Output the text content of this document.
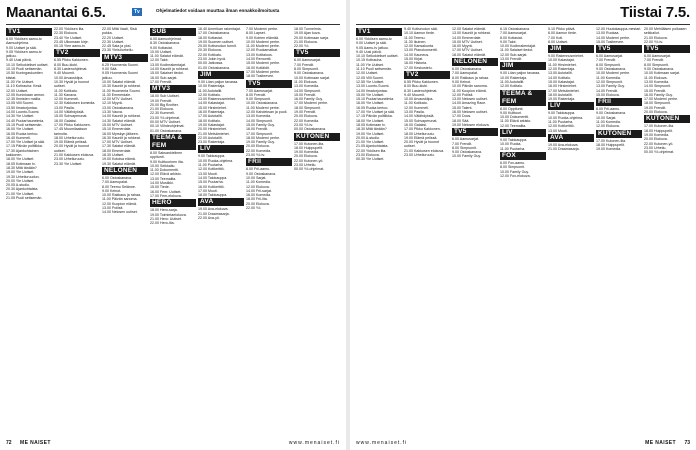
Maanantai 6.5.	Tv	Ohjelmatiedot voidaan muuttaa ilman ennakkoilmoitusta
TV1
6.00 Ykkösen aamu-tv. Aamuohjelma.
9.00 Uutiset ja sää.
9.05 Ykkösen aamu-tv jatkuu.
9.40 Uusi päivä.
10.10 Selkokieliset uutiset.
10.15 Puoli seitsemän.
10.50 Kuningaskuntien kiistat.
11.00 Yle Uutiset.
11.10 Kotirauha: Kesä.
12.00 Uutiset.
12.05 Kuninkaan armon.
12.35 Ihmisten mailla.
13.05 Villi Suomi.
13.50 Ilmatorjuntaa.
14.00 Luonto-Suomi.
14.30 Yle Uutiset.
14.40 Puutarhaunelmia.
15.15 Puoli seitsemän.
16.00 Yle Uutiset.
16.05 Ruoka kertoo.
16.40 Kummeli.
17.00 Yle Uutiset ja sää.
17.15 Päivän politiikka.
17.30 Ajankohtainen kakkonen.
18.00 Yle Uutiset.
18.05 Kotimaan tv.
18.30 Mitä tänään?
19.00 Yle Uutiset.
19.30 Urheiluruudun.
20.00 Yle Uutiset.
20.05 A-studio.
20.30 Ajankohtaista.
21.00 Yle Uutiset.
21.05 Puoli seitsemän.
22.00 Ykkösen ilta.
22.30 Elokuva.
23.40 Yle Uutiset.
23.45 Ulkomaan kirje.
00.15 Ylen aamu-tv.
TV2
6.55 Pikku Kakkonen.
8.00 Buu-klubi.
8.30 Lastenohjelmat.
9.40 Muumit.
10.00 Arvauskilpa.
10.30 Hyvät ja huonot uutiset.
11.00 Kotikatu.
11.30 Kanava.
12.00 Kummeli.
12.30 Kakkosen komedia.
13.00 Pasila.
14.00 Välähdyksiä.
15.00 Sohvaperunat.
16.00 Galaksi.
17.00 Pikku Kakkonen.
17.45 Muumilaakson tarinoita.
18.00 Urheiluruutu.
19.00 Elämä pelissä.
20.00 Hyvät ja huonot uutiset.
21.00 Kakkosen elokuva.
23.00 Urheiluruutu.
23.30 Yle Uutiset.
22.00 Mitä Vaati, Sisä pokka.
22.20 Uutiset.
22.30 Uutiset.
22.45 Sata ja yksi.
23.30 Yleisöurheilu.
MTV3
6.25 Huomenta Suomi.
9.00 Sää.
9.05 Huomenta Suomi jatkuu.
10.00 Salatut elämät.
10.30 Kauniit ja rohkeat.
11.00 Huomenta Suomi.
11.30 Emmerdale.
12.00 MTV Uutiset.
12.10 Myyrä.
13.00 Ostoskanava.
13.30 Vauva.
14.00 Kauniit ja rohkeat.
14.30 Salatut elämät.
15.00 MTV Uutiset.
15.10 Emmerdale.
16.00 Myrskyn jälkeen.
16.30 Kauniit ja rohkeat.
17.00 MTV Uutiset.
17.30 Salatut elämät.
18.00 Emmerdale.
18.30 Uutiset.
19.00 Kotoisa elämä.
19.30 Salatut elämät.
NELONEN
6.00 Ostoskanava.
7.00 Aamupalat.
8.00 Teemu Selänne.
9.00 Keinot.
10.00 Rakkaus ja rahaa.
11.00 Päivän sanoma.
12.00 Kuopion elämä.
13.00 Poliisit.
14.00 Nelosen uutiset.
SUB
6.00 Aamuohjelmat.
8.30 Ostoskanava.
9.00 Kotiasiat.
10.00 Uutiset.
11.00 Salatut elämät.
12.00 Talot.
13.00 Kodinrakentajat.
14.00 Kauniit ja rohkeat.
15.00 Salaiset tiedot.
16.00 Sub-sarjat.
17.00 Frendit.
MTV3
18.00 Sub Uutiset.
19.00 Frendit.
20.00 Big Brother.
21.00 Elokuva.
22.30 Kummeli.
23.00 Yö-ohjelmat.
00.00 MTV Uutiset.
00.10 Viihdeohjelmat.
01.00 Ostoskanava.
TEEMA & FEM
8.00 Saksankielinen oppitunti.
9.00 Kulttuurinen ilta.
10.00 Seikkailu.
11.00 Dokumentti.
12.00 Elävä arkisto.
13.00 Teemailta.
14.00 Musiikki.
15.00 Tiede.
16.00 Fem: Uutiset.
17.00 Fem-elokuva.
HERO
18.00 Hero-sarja.
19.00 Toimintaelokuva.
21.00 Hero: Uutiset.
22.00 Hero-ilta.
16.40 Amerikan rakentajat.
17.00 Ostoskanava.
18.00 Kotiasiat.
19.00 Suomen uutiset.
20.00 Kotiseudun tunnit.
20.30 Elokuva.
22.00 Kotikatu.
23.00 Jokin hyvä.
00.00 Jatkossa.
01.00 Ostoskanava.
JIM
9.00 Liian paljon tavaraa.
10.00 Rakentaja.
11.00 Autotallit.
12.00 Kotitalo.
13.00 Rakennusmiehet.
14.00 Kalastajat.
15.00 Hirsimiehet.
16.00 Rakentaja.
17.00 Autotallit.
18.00 Kotitalo.
19.00 Kalastajat.
20.00 Hirsimiehet.
21.00 Metsämiehet.
22.00 Autotallit.
23.00 Rakentaja.
LIV
9.00 Talokauppa.
10.00 Ruoka-ohjelma.
11.00 Puutarha.
12.00 Kotikeittiö.
13.00 Muoti.
14.00 Talokauppa.
15.00 Puutarha.
16.00 Kotikeittiö.
17.00 Muoti.
18.00 Talokauppa.
AVA
19.00 Ava-elokuva.
21.00 Draamasarja.
22.00 Ava-yö.
7.00 Moderni perhe.
8.00 Lapset.
9.00 Koirien elämää.
10.00 Moderni perhe.
11.00 Moderni perhe.
12.00 Ruokamatkat.
13.00 Kotitalous.
14.00 Remontti.
15.00 Moderni perhe.
16.00 Kotiäidit.
17.00 Moderni perhe.
18.00 Tositeevee.
TV5
7.00 Aamusarjat.
8.00 Frendit.
9.00 Simpsonit.
10.00 Ostoskanava.
11.00 Moderni perhe.
12.00 Kahdeksan ja puoli.
13.00 Komedia.
14.00 Simpsonit.
15.00 Family Guy.
16.00 Frendit.
17.00 Simpsonit.
18.00 Moderni perhe.
19.00 Family Guy.
20.00 Elokuva.
22.00 Komedia.
23.00 Yö-tv.
FRII
8.00 Frii-aamu.
9.00 Ostoskanava.
10.00 Sarjat.
11.00 Komedia.
12.00 Elokuva.
14.00 Frii-sarjat.
16.00 Komedia.
18.00 Frii-ilta.
20.00 Elokuva.
22.00 Yö.
18.00 Tunnelmia.
19.00 Ajan kuva.
20.00 Kotimaan sarja.
21.00 Elokuva.
22.00 Yö.
TV5
6.00 Aamusarjat.
7.00 Frendit.
8.00 Simpsonit.
9.00 Ostoskanava.
10.00 Kotimaan sarjat.
11.00 Elokuva.
13.00 Komedia.
14.00 Simpsonit.
15.00 Frendit.
16.00 Family Guy.
17.00 Moderni perhe.
18.00 Simpsonit.
19.00 Frendit.
20.00 Elokuva.
22.00 Komedia.
23.00 Yö-tv.
00.00 Ostoskanava.
KUTONEN
17.00 Kutonen-ilta.
18.00 Huippupelit.
19.00 Komedia.
20.00 Elokuva.
22.00 Kutonen-yö.
23.00 Urheilu.
00.00 Yö-ohjelmat.
72 ME NAISET	www.menaiset.fi
Tiistai 7.5.
TV1
6.00 Ykkösen aamu-tv.
9.00 Uutiset ja sää.
9.05 Aamu-tv jatkuu.
9.40 Uusi päivä.
10.10 Selkokieliset uutiset.
10.15 Kotirauha.
11.00 Yle Uutiset.
11.10 Puoli seitsemän.
12.00 Uutiset.
12.05 Villi Suomi.
12.55 Yle Uutiset.
13.00 Luonto-Suomi.
14.00 Ilmatorjuntaa.
15.00 Yle Uutiset.
15.10 Puutarhaunelmia.
16.00 Yle Uutiset.
16.05 Ruoka kertoo.
17.00 Yle Uutiset ja sää.
17.15 Päivän politiikka.
18.00 Yle Uutiset.
18.05 Kotimaan tv.
18.30 Mitä tänään?
19.00 Yle Uutiset.
20.00 A-studio.
21.00 Yle Uutiset.
21.05 Ajankohtaista.
22.00 Ykkösen ilta.
23.00 Elokuva.
00.30 Yle Uutiset.
9.40 Kotiseudun sää.
10.10 Aamun tiede.
11.00 Teemu.
11.30 Ikuinen.
12.00 Kansakunta.
13.00 Pianokonsertti.
14.00 Kauneus.
15.00 Kirjat.
16.00 Historia.
17.00 Keskustelu.
TV2
6.55 Pikku Kakkonen.
8.00 Buu-klubi.
8.30 Lastenohjelmat.
9.40 Muumit.
10.00 Arvauskilpa.
11.00 Kotikatu.
12.00 Kummeli.
13.00 Pasila.
14.00 Välähdyksiä.
15.00 Sohvaperunat.
16.00 Galaksi.
17.00 Pikku Kakkonen.
18.00 Urheiluruutu.
19.00 Elämä pelissä.
20.00 Hyvät ja huonot uutiset.
21.00 Kakkosen elokuva.
23.00 Urheiluruutu.
12.00 Salatut elämät.
13.00 Kauniit ja rohkeat.
14.00 Emmerdale.
15.00 MTV Uutiset.
16.00 Myyrä.
17.00 MTV Uutiset.
18.00 Salatut elämät.
NELONEN
6.00 Ostoskanava.
7.00 Aamupalat.
8.00 Rakkaus ja rahaa.
9.00 Keinot.
10.00 Päivän sanoma.
11.00 Kuopion elämä.
12.00 Poliisit.
13.00 Nelosen uutiset.
14.00 Amazing Race.
15.00 Talent.
16.00 Nelosen uutiset.
17.00 Docs.
18.00 Sää.
19.00 Nelosen elokuva.
TV5
6.00 Aamusarjat.
7.00 Frendit.
8.00 Simpsonit.
9.00 Ostoskanava.
10.00 Family Guy.
6.15 Ostoskanava.
7.00 Aamusarjat.
8.00 Kotiasiat.
9.00 Talot.
10.00 Kodinrakentajat.
11.00 Salaiset tiedot.
12.00 Sub-sarjat.
13.00 Frendit.
JIM
9.00 Liian paljon tavaraa.
10.00 Rakentaja.
11.00 Autotallit.
12.00 Kotitalo.
TEEMA & FEM
8.00 Oppitunti.
9.00 Kulttuuri.
10.00 Dokumentti.
11.00 Elävä arkisto.
12.00 Teemailta.
LIV
9.00 Talokauppa.
10.00 Ruoka.
11.00 Puutarha.
FOX
6.00 Fox-aamu.
8.00 Simpsonit.
10.00 Family Guy.
12.00 Fox-elokuva.
5.10 Pikku päivä.
6.00 Aamun tiede.
7.00 Koti.
8.00 Uutiset.
JIM
9.00 Rakennusmiehet.
10.00 Kalastajat.
11.00 Hirsimiehet.
12.00 Rakentaja.
13.00 Autotallit.
14.00 Kotitalo.
15.00 Kalastajat.
16.00 Hirsimiehet.
17.00 Metsämiehet.
18.00 Autotallit.
19.00 Rakentaja.
LIV
9.00 Talokauppa.
10.00 Ruoka-ohjelma.
11.00 Puutarha.
12.00 Kotikeittiö.
13.00 Muoti.
AVA
19.00 Ava-elokuva.
21.00 Draamasarja.
12.00 Huutokauppa-mestari.
13.00 Ruokaa.
14.00 Moderni perhe.
15.00 Tositeevee.
TV5
6.00 Aamusarjat.
7.00 Frendit.
8.00 Simpsonit.
9.00 Ostoskanava.
10.00 Moderni perhe.
11.00 Komedia.
12.00 Simpsonit.
13.00 Family Guy.
14.00 Frendit.
15.00 Elokuva.
FRII
8.00 Frii-aamu.
9.00 Ostoskanava.
10.00 Sarjat.
11.00 Komedia.
12.00 Elokuva.
KUTONEN
17.00 Kutonen-ilta.
18.00 Huippupelit.
19.00 Komedia.
20.00 Mehiläisen poikasen seikkailut.
21.00 Elokuva.
22.00 Yö-tv.
TV5
6.00 Aamusarjat.
7.00 Frendit.
8.00 Simpsonit.
9.00 Ostoskanava.
10.00 Kotimaan sarjat.
11.00 Elokuva.
13.00 Komedia.
14.00 Simpsonit.
15.00 Frendit.
16.00 Family Guy.
17.00 Moderni perhe.
18.00 Simpsonit.
19.00 Frendit.
20.00 Elokuva.
KUTONEN
17.00 Kutonen-ilta.
18.00 Huippupelit.
19.00 Komedia.
20.00 Elokuva.
22.00 Kutonen-yö.
23.00 Urheilu.
00.00 Yö-ohjelmat.
www.menaiset.fi	ME NAISET 73
